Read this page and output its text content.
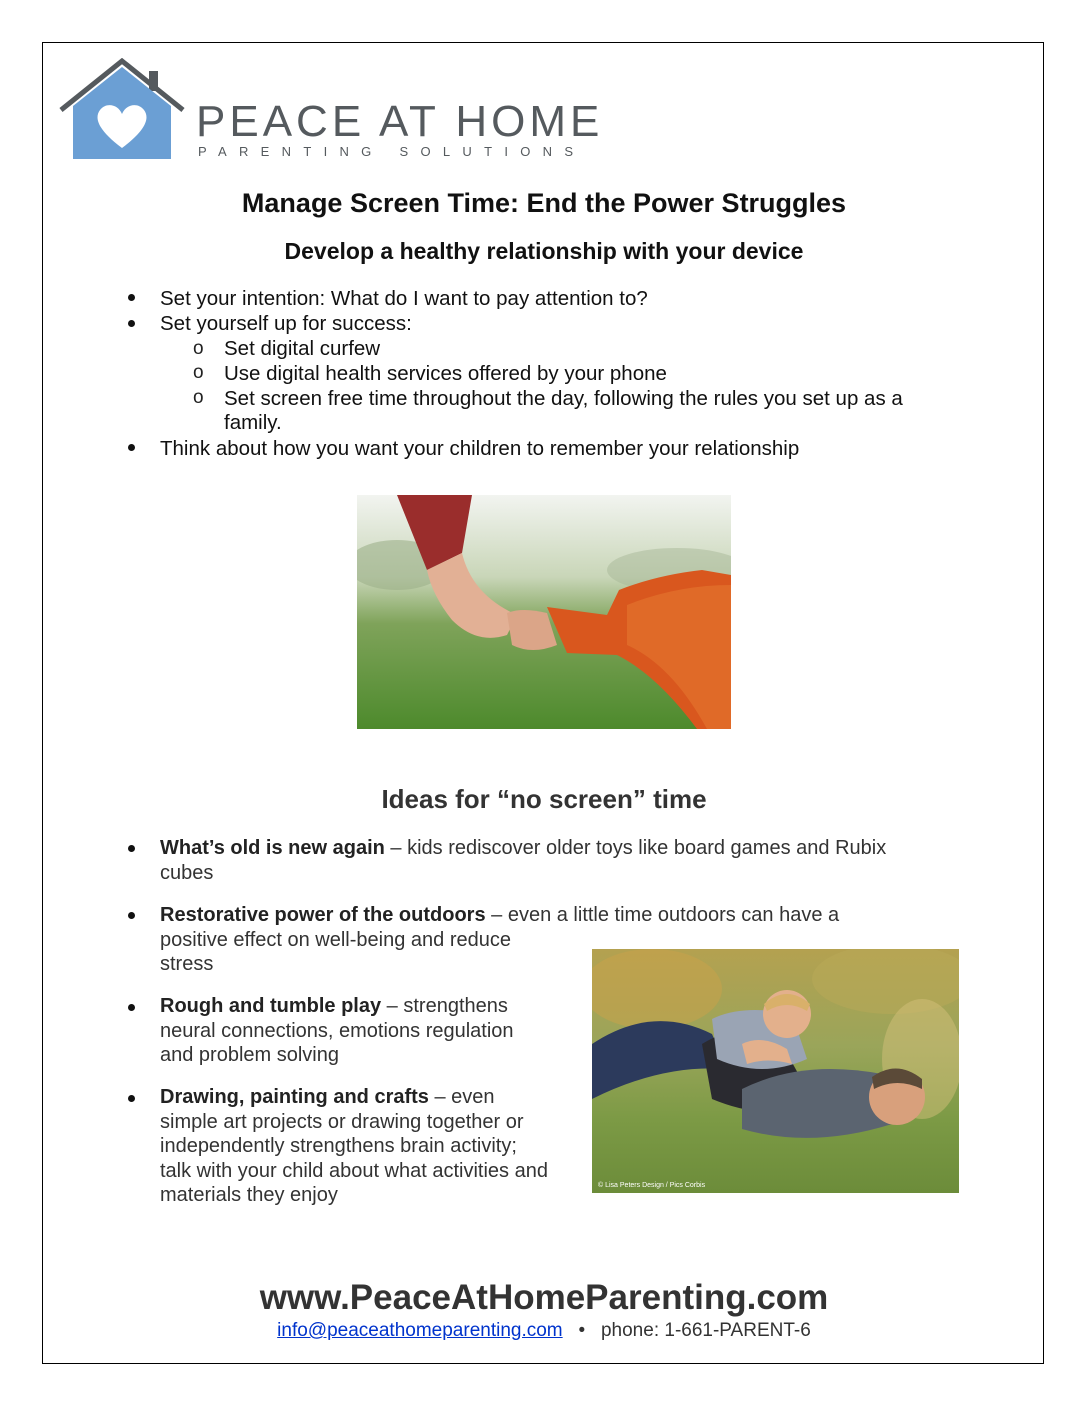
PEACE AT HOME
PARENTING SOLUTIONS
Manage Screen Time: End the Power Struggles
Develop a healthy relationship with your device
Set your intention: What do I want to pay attention to?
Set yourself up for success:
o Set digital curfew
o Use digital health services offered by your phone
o Set screen free time throughout the day, following the rules you set up as a
family.
Think about how you want your children to remember your relationship
Ideas for “no screen” time
What’s old is new again – kids rediscover older toys like board games and Rubix
cubes
Restorative power of the outdoors – even a little time outdoors can have a
positive effect on well-being and reduce
stress
Rough and tumble play – strengthens
neural connections, emotions regulation
and problem solving
Drawing, painting and crafts – even
simple art projects or drawing together or
independently strengthens brain activity;
talk with your child about what activities and
materials they enjoy	© Lisa Peters Design / Pics Corbis
www.PeaceAtHomeParenting.com
info@peaceathomeparenting.com • phone: 1-661-PARENT-6
